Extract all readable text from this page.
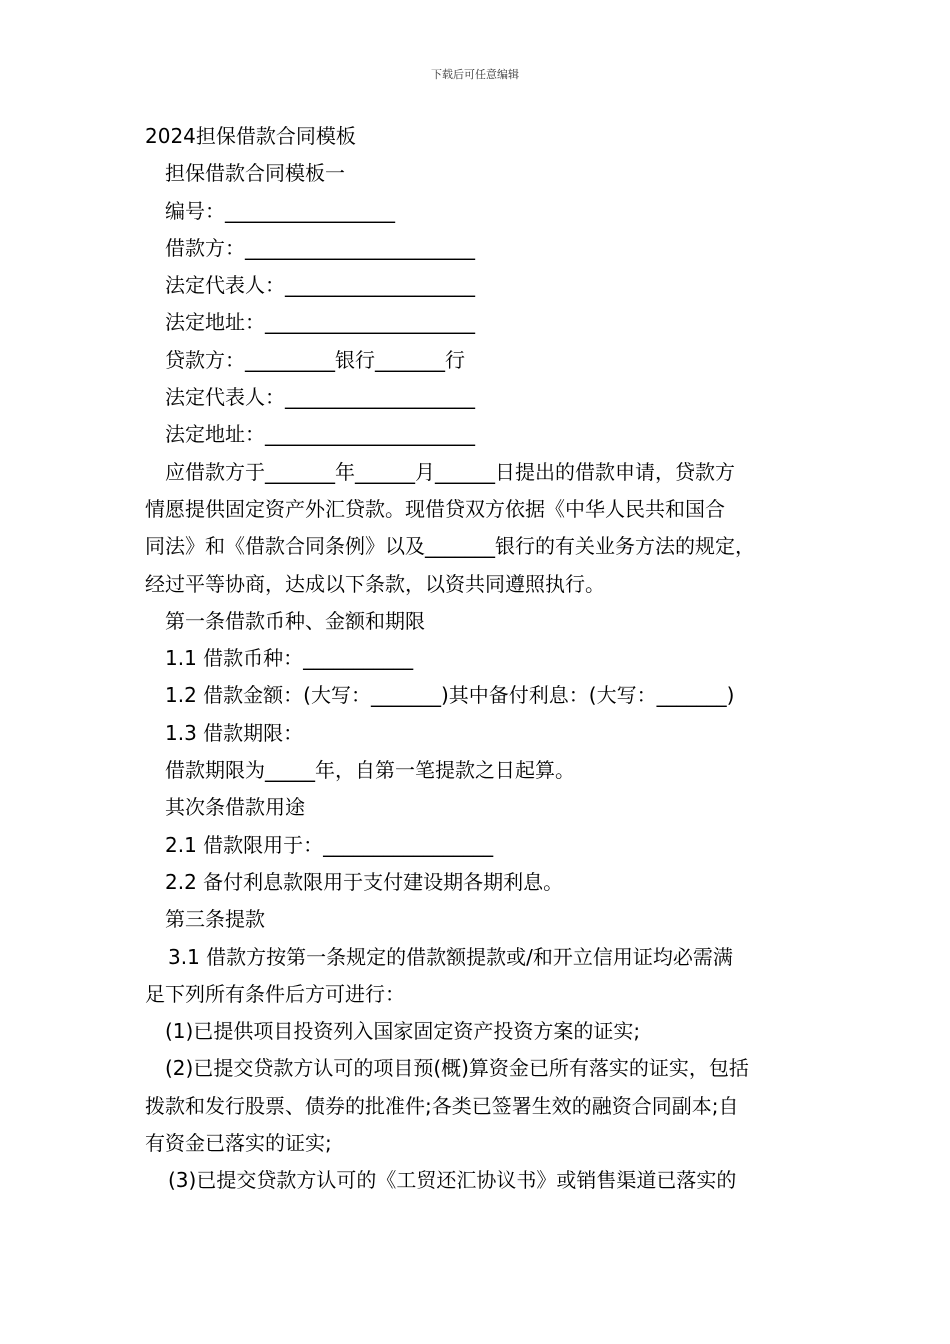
下载后可任意编辑
2024担保借款合同模板
担保借款合同模板一
编号：_________________
借款方：_______________________
法定代表人：___________________
法定地址：_____________________
贷款方：_________银行_______行
法定代表人：___________________
法定地址：_____________________
应借款方于_______年______月______日提出的借款申请，贷款方
情愿提供固定资产外汇贷款。现借贷双方依据《中华人民共和国合
同法》和《借款合同条例》以及_______银行的有关业务方法的规定，
经过平等协商，达成以下条款，以资共同遵照执行。
第一条借款币种、金额和期限
1.1 借款币种：___________
1.2 借款金额：(大写：_______)其中备付利息：(大写：_______)
1.3 借款期限：
借款期限为_____年，自第一笔提款之日起算。
其次条借款用途
2.1 借款限用于：_________________
2.2 备付利息款限用于支付建设期各期利息。
第三条提款
3.1 借款方按第一条规定的借款额提款或/和开立信用证均必需满
足下列所有条件后方可进行：
(1)已提供项目投资列入国家固定资产投资方案的证实;
(2)已提交贷款方认可的项目预(概)算资金已所有落实的证实，包括
拨款和发行股票、债券的批准件;各类已签署生效的融资合同副本;自
有资金已落实的证实;
(3)已提交贷款方认可的《工贸还汇协议书》或销售渠道已落实的
